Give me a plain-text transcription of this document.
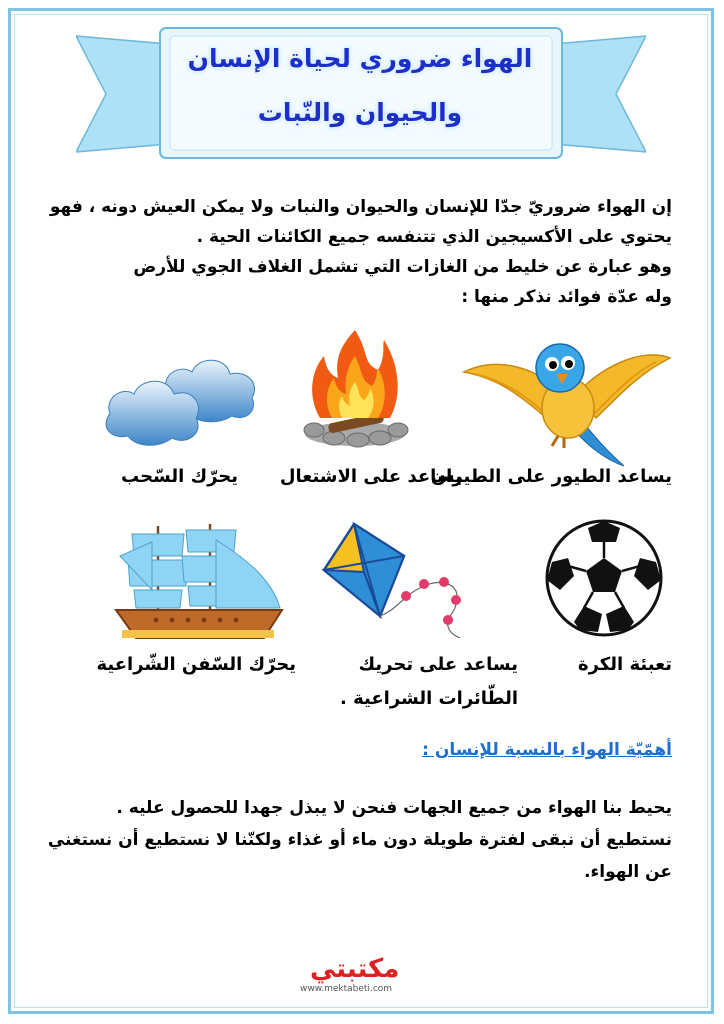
الهواء ضروري لحياة الإنسان
والحيوان والنّبات
إن الهواء ضروريّ جدّا للإنسان والحيوان والنبات ولا يمكن العيش دونه ، فهو
يحتوي على الأكسيجين الذي تتنفسه جميع الكائنات الحية .
وهو عبارة عن خليط من الغازات التي تشمل الغلاف الجوي للأرض
وله عدّة فوائد نذكر منها :
يساعد الطيور على الطيران
يساعد على الاشتعال
يحرّك السّحب
تعبئة الكرة
يساعد على تحريك
الطّائرات الشراعية .
يحرّك السّفن الشّراعية
أهمّيّة الهواء بالنسبة للإنسان :
يحيط بنا الهواء من جميع الجهات فنحن لا يبذل جهدا للحصول عليه .
نستطيع أن نبقى لفترة طويلة دون ماء أو غذاء ولكنّنا لا نستطيع أن نستغني
عن الهواء.
مكتبتي
www.mektabeti.com
